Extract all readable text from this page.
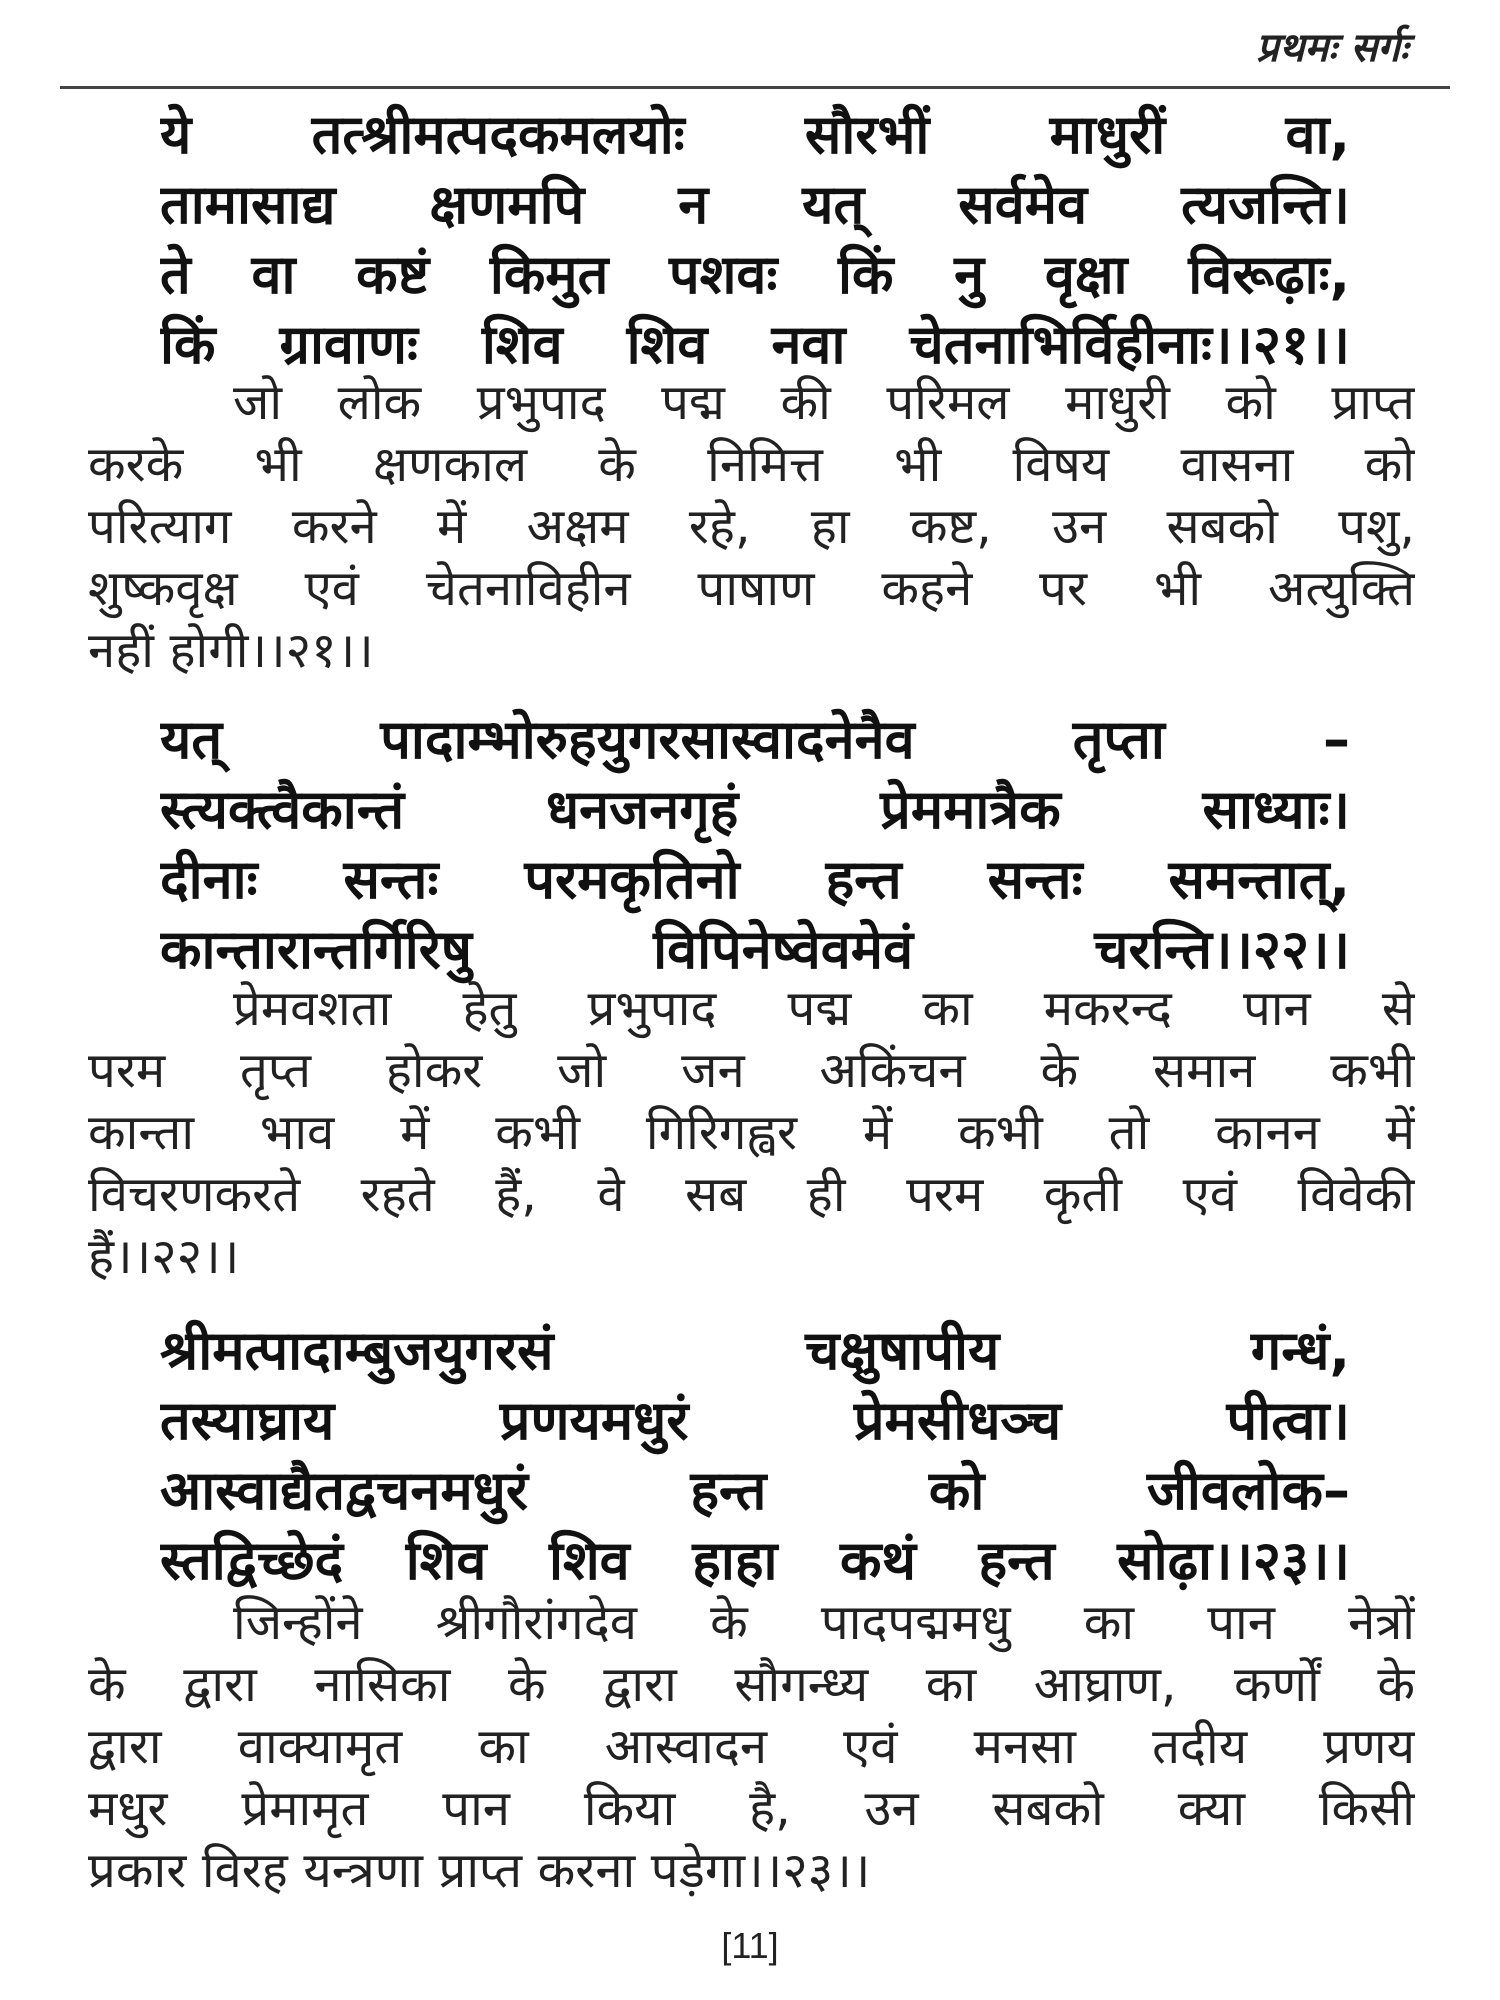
प्रथमः सर्गः
ये तत्श्रीमत्पदकमलयोः सौरभीं माधुरीं वा,
तामासाद्य क्षणमपि न यत् सर्वमेव त्यजन्ति।
ते वा कष्टं किमुत पशवः किं नु वृक्षा विरूढ़ाः,
किं ग्रावाणः शिव शिव नवा चेतनाभिर्विहीनाः।।२१।।
जो लोक प्रभुपाद पद्म की परिमल माधुरी को प्राप्त
करके भी क्षणकाल के निमित्त भी विषय वासना को
परित्याग करने में अक्षम रहे, हा कष्ट, उन सबको पशु,
शुष्कवृक्ष एवं चेतनाविहीन पाषाण कहने पर भी अत्युक्ति
नहीं होगी।।२१।।
यत् पादाम्भोरुहयुगरसास्वादनेनैव तृप्ता –
स्त्यक्त्वैकान्तं धनजनगृहं प्रेममात्रैक साध्याः।
दीनाः सन्तः परमकृतिनो हन्त सन्तः समन्तात्,
कान्तारान्तर्गिरिषु विपिनेष्वेवमेवं चरन्ति।।२२।।
प्रेमवशता हेतु प्रभुपाद पद्म का मकरन्द पान से
परम तृप्त होकर जो जन अकिंचन के समान कभी
कान्ता भाव में कभी गिरिगह्वर में कभी तो कानन में
विचरणकरते रहते हैं, वे सब ही परम कृती एवं विवेकी
हैं।।२२।।
श्रीमत्पादाम्बुजयुगरसं चक्षुषापीय गन्धं,
तस्याघ्राय प्रणयमधुरं प्रेमसीधञ्च पीत्वा।
आस्वाद्यैतद्वचनमधुरं हन्त को जीवलोक–
स्तद्विच्छेदं शिव शिव हाहा कथं हन्त सोढ़ा।।२३।।
जिन्होंने श्रीगौरांगदेव के पादपद्ममधु का पान नेत्रों
के द्वारा नासिका के द्वारा सौगन्ध्य का आघ्राण, कर्णों के
द्वारा वाक्यामृत का आस्वादन एवं मनसा तदीय प्रणय
मधुर प्रेमामृत पान किया है, उन सबको क्या किसी
प्रकार विरह यन्त्रणा प्राप्त करना पड़ेगा।।२३।।
[11]
